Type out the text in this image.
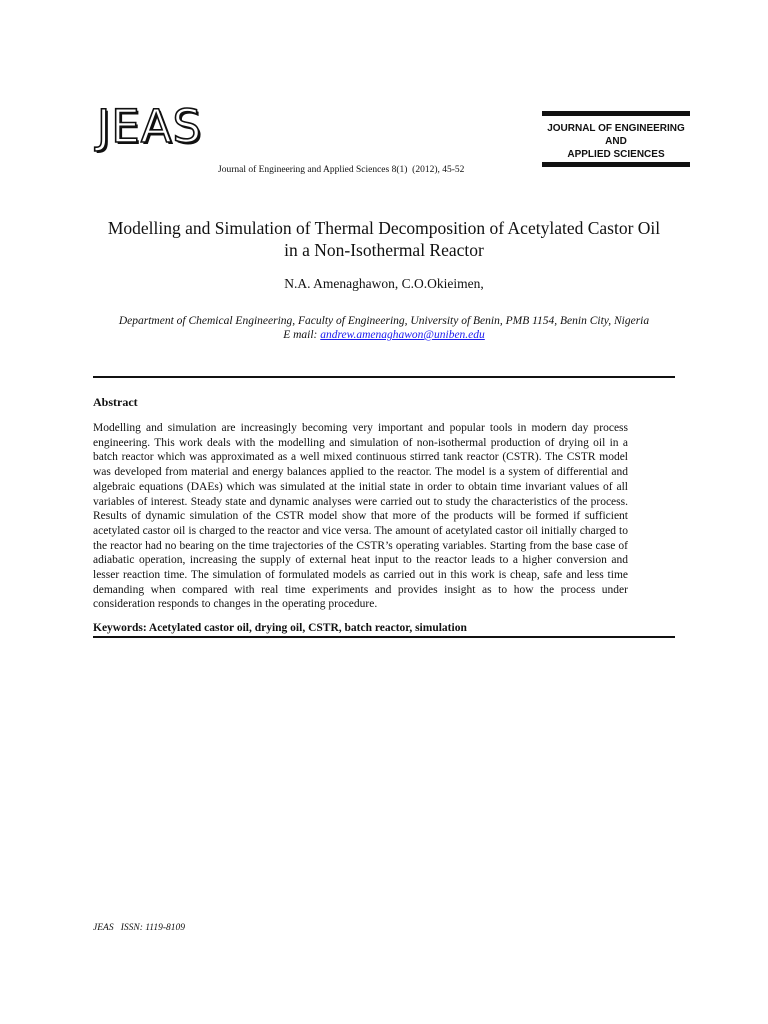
JEAS
Journal of Engineering and Applied Sciences 8(1)  (2012), 45-52
JOURNAL OF ENGINEERING
AND
APPLIED SCIENCES
Modelling and Simulation of Thermal Decomposition of Acetylated Castor Oil
in a Non-Isothermal Reactor
N.A. Amenaghawon, C.O.Okieimen,
Department of Chemical Engineering, Faculty of Engineering, University of Benin, PMB 1154, Benin City, Nigeria
E mail: andrew.amenaghawon@uniben.edu
Abstract
Modelling and simulation are increasingly becoming very important and popular tools in modern day process engineering. This work deals with the modelling and simulation of non-isothermal production of drying oil in a batch reactor which was approximated as a well mixed continuous stirred tank reactor (CSTR). The CSTR model was developed from material and energy balances applied to the reactor. The model is a system of differential and algebraic equations (DAEs) which was simulated at the initial state in order to obtain time invariant values of all variables of interest. Steady state and dynamic analyses were carried out to study the characteristics of the process. Results of dynamic simulation of the CSTR model show that more of the products will be formed if sufficient acetylated castor oil is charged to the reactor and vice versa. The amount of acetylated castor oil initially charged to the reactor had no bearing on the time trajectories of the CSTR’s operating variables. Starting from the base case of adiabatic operation, increasing the supply of external heat input to the reactor leads to a higher conversion and lesser reaction time. The simulation of formulated models as carried out in this work is cheap, safe and less time demanding when compared with real time experiments and provides insight as to how the process under consideration responds to changes in the operating procedure.
Keywords: Acetylated castor oil, drying oil, CSTR, batch reactor, simulation
JEAS   ISSN: 1119-8109
